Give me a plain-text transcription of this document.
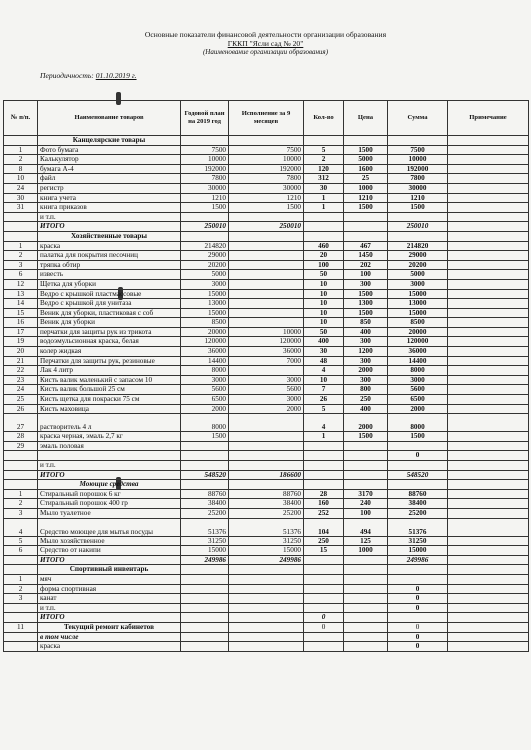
Основные показатели финансовой деятельности организации образования
ГККП "Ясли сад № 20"
(Наименование организации образования)
Периодичность: 01.10.2019 г.
№ п/п.	Наименование товаров	Годовой план на 2019 год	Исполнение за 9 месяцев	Кол-во	Цена	Сумма	Примечание
	Канцелярские товары						
1	Фото бумага	7500	7500	5	1500	7500	
2	Калькулятор	10000	10000	2	5000	10000	
8	бумага А-4	192000	192000	120	1600	192000	
10	файл	7800	7800	312	25	7800	
24	регистр	30000	30000	30	1000	30000	
30	книга учета	1210	1210	1	1210	1210	
31	книга приказов	1500	1500	1	1500	1500	
	и т.п.						
	ИТОГО	250010	250010			250010	
	Хозяйственные товары						
1	краска	214820		460	467	214820	
2	палатка для покрытия песочниц	29000		20	1450	29000	
3	тряпка обтир	20200		100	202	20200	
6	известь	5000		50	100	5000	
12	Щетка для уборки	3000		10	300	3000	
13	Ведро с крышкой пластмассовые	15000		10	1500	15000	
14	Ведро с крышкой для унитаза	13000		10	1300	13000	
15	Веник для уборки, пластиковая с соб	15000		10	1500	15000	
16	Веник для уборки	8500		10	850	8500	
17	перчатки для защиты рук из трикота	20000	10000	50	400	20000	
19	водоэмульсионная краска, белая	120000	120000	400	300	120000	
20	колер жидкая	36000	36000	30	1200	36000	
21	Перчатки для защиты рук, резиновые	14400	7000	48	300	14400	
22	Лак 4 литр	8000		4	2000	8000	
23	Кисть валик маленький с запасом 10	3000	3000	10	300	3000	
24	Кисть валик большой 25 см	5600	5600	7	800	5600	
25	Кисть щетка для покраски 75 см	6500	3000	26	250	6500	
26	Кисть маховица	2000	2000	5	400	2000	
27	растворитель 4 л	8000		4	2000	8000	
28	краска черная, эмаль 2,7 кг	1500		1	1500	1500	
29	эмаль половая						
						0	
	и т.п.						
	ИТОГО	548520	186600			548520	
	Моющие средства						
1	Стиральный порошок 6 кг	88760	88760	28	3170	88760	
2	Стиральный порошок 400 гр	38400	38400	160	240	38400	
3	Мыло туалетное	25200	25200	252	100	25200	
4	Средство моющее для мытья посуды	51376	51376	104	494	51376	
5	Мыло хозяйственное	31250	31250	250	125	31250	
6	Средство от накипи	15000	15000	15	1000	15000	
	ИТОГО	249986	249986			249986	
	Спортивный инвентарь						
1	мяч						
2	форма спортивная					0	
3	канат					0	
	и т.п.					0	
	ИТОГО			0			
11	Текущий ремонт кабинетов			0		0	
	в том числе					0	
	краска					0	
